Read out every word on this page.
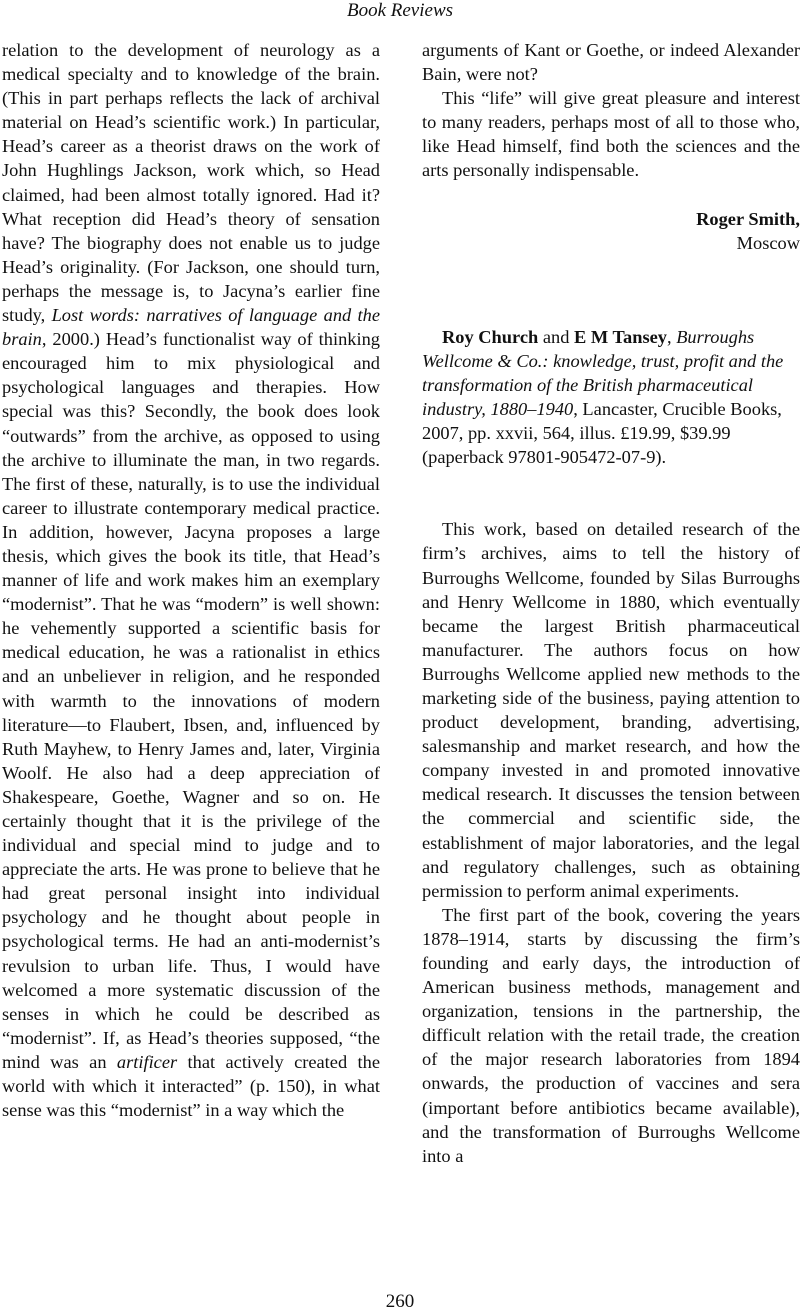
Book Reviews

relation to the development of neurology as a medical specialty and to knowledge of the brain. (This in part perhaps reflects the lack of archival material on Head’s scientific work.) In particular, Head’s career as a theorist draws on the work of John Hughlings Jackson, work which, so Head claimed, had been almost totally ignored. Had it? What reception did Head’s theory of sensation have? The biography does not enable us to judge Head’s originality. (For Jackson, one should turn, perhaps the message is, to Jacyna’s earlier fine study, Lost words: narratives of language and the brain, 2000.) Head’s functionalist way of thinking encouraged him to mix physiological and psychological languages and therapies. How special was this? Secondly, the book does look “outwards” from the archive, as opposed to using the archive to illuminate the man, in two regards. The first of these, naturally, is to use the individual career to illustrate contemporary medical practice. In addition, however, Jacyna proposes a large thesis, which gives the book its title, that Head’s manner of life and work makes him an exemplary “modernist”. That he was “modern” is well shown: he vehemently supported a scientific basis for medical education, he was a rationalist in ethics and an unbeliever in religion, and he responded with warmth to the innovations of modern literature—to Flaubert, Ibsen, and, influenced by Ruth Mayhew, to Henry James and, later, Virginia Woolf. He also had a deep appreciation of Shakespeare, Goethe, Wagner and so on. He certainly thought that it is the privilege of the individual and special mind to judge and to appreciate the arts. He was prone to believe that he had great personal insight into individual psychology and he thought about people in psychological terms. He had an anti-modernist’s revulsion to urban life. Thus, I would have welcomed a more systematic discussion of the senses in which he could be described as “modernist”. If, as Head’s theories supposed, “the mind was an artificer that actively created the world with which it interacted” (p. 150), in what sense was this “modernist” in a way which the

arguments of Kant or Goethe, or indeed Alexander Bain, were not?

This “life” will give great pleasure and interest to many readers, perhaps most of all to those who, like Head himself, find both the sciences and the arts personally indispensable.

Roger Smith,
Moscow

Roy Church and E M Tansey, Burroughs Wellcome & Co.: knowledge, trust, profit and the transformation of the British pharmaceutical industry, 1880–1940, Lancaster, Crucible Books, 2007, pp. xxvii, 564, illus. £19.99, $39.99 (paperback 97801-905472-07-9).

This work, based on detailed research of the firm’s archives, aims to tell the history of Burroughs Wellcome, founded by Silas Burroughs and Henry Wellcome in 1880, which eventually became the largest British pharmaceutical manufacturer. The authors focus on how Burroughs Wellcome applied new methods to the marketing side of the business, paying attention to product development, branding, advertising, salesmanship and market research, and how the company invested in and promoted innovative medical research. It discusses the tension between the commercial and scientific side, the establishment of major laboratories, and the legal and regulatory challenges, such as obtaining permission to perform animal experiments.

The first part of the book, covering the years 1878–1914, starts by discussing the firm’s founding and early days, the introduction of American business methods, management and organization, tensions in the partnership, the difficult relation with the retail trade, the creation of the major research laboratories from 1894 onwards, the production of vaccines and sera (important before antibiotics became available), and the transformation of Burroughs Wellcome into a

260
